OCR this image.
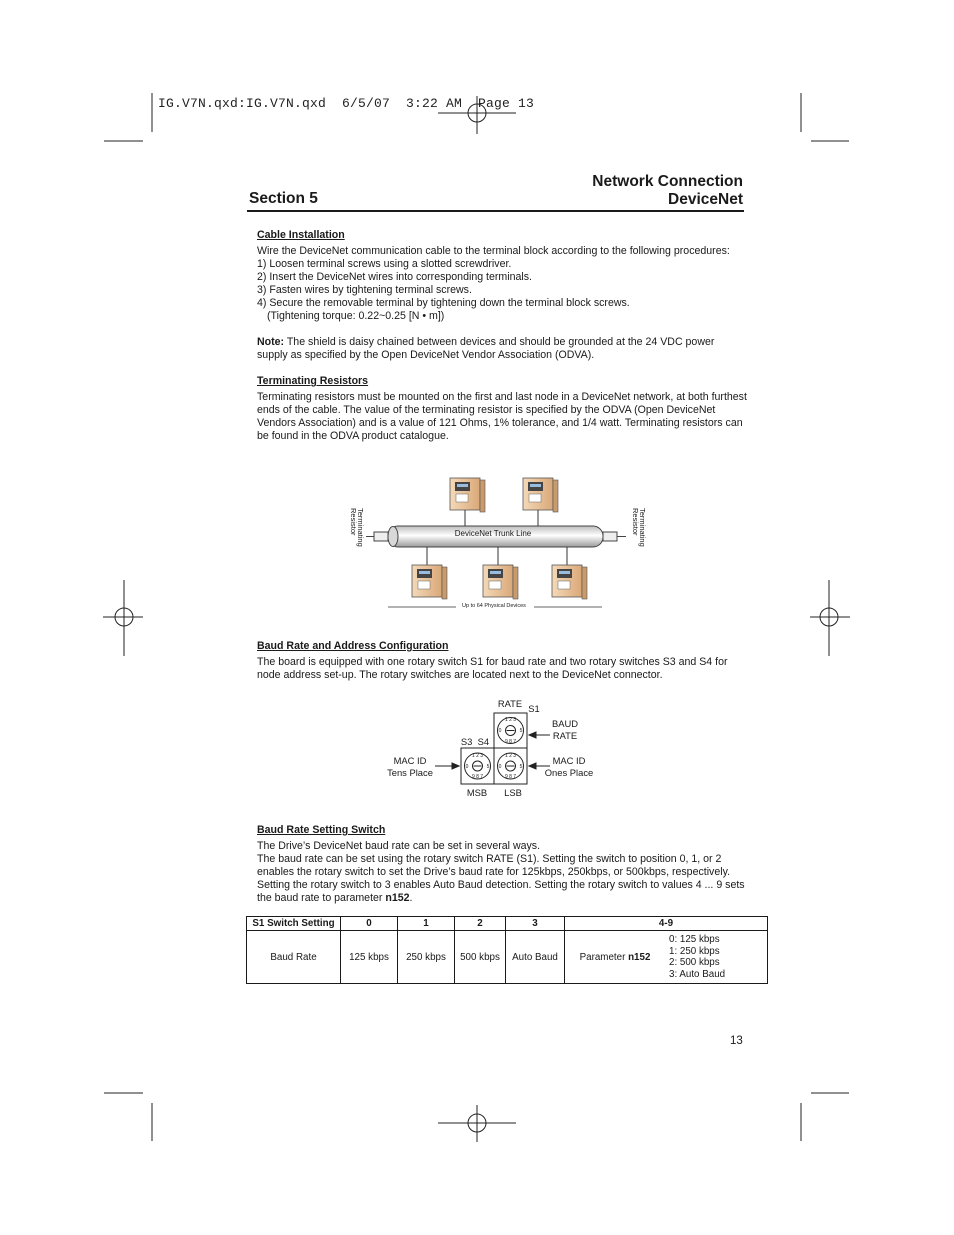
IG.V7N.qxd:IG.V7N.qxd  6/5/07  3:22 AM  Page 13
Network Connection
DeviceNet
Section 5

Cable Installation

Wire the DeviceNet communication cable to the terminal block according to the following procedures:

1) Loosen terminal screws using a slotted screwdriver.

2) Insert the DeviceNet wires into corresponding terminals.

3) Fasten wires by tightening terminal screws.

4) Secure the removable terminal by tightening down the terminal block screws.

(Tightening torque: 0.22~0.25 [N • m])

Note: The shield is daisy chained between devices and should be grounded at the 24 VDC power supply as specified by the Open DeviceNet Vendor Association (ODVA).

Terminating Resistors

Terminating resistors must be mounted on the first and last node in a DeviceNet network, at both furthest ends of the cable. The value of the terminating resistor is specified by the ODVA (Open DeviceNet Vendors Association) and is a value of 121 Ohms, 1% tolerance, and 1/4 watt. Terminating resistors can be found in the ODVA product catalogue.

DeviceNet Trunk Line
Up to 64 Physical Devices
Terminating Resistor	Terminating Resistor

Baud Rate and Address Configuration

The board is equipped with one rotary switch S1 for baud rate and two rotary switches S3 and S4 for node address set-up. The rotary switches are located next to the DeviceNet connector.

1 2 3
9 8 7
0	5
1 2 3
9 8 7
0	5
1 2 3
9 8 7
0	5
RATE S1
BAUD
RATE
S3  S4
MAC ID
Tens Place
MAC ID
Ones Place
MSB	LSB

Baud Rate Setting Switch

The Drive’s DeviceNet baud rate can be set in several ways.

The baud rate can be set using the rotary switch RATE (S1). Setting the switch to position 0, 1, or 2 enables the rotary switch to set the Drive’s baud rate for 125kbps, 250kbps, or 500kbps, respectively. Setting the rotary switch to 3 enables Auto Baud detection. Setting the rotary switch to values 4 ... 9 sets the baud rate to parameter n152.

S1 Switch Setting	0	1	2	3	4-9	
Baud Rate	125 kbps	250 kbps	500 kbps	Auto Baud	Parameter n152	0: 125 kbps
1: 250 kbps
2: 500 kbps
3: Auto Baud
13
